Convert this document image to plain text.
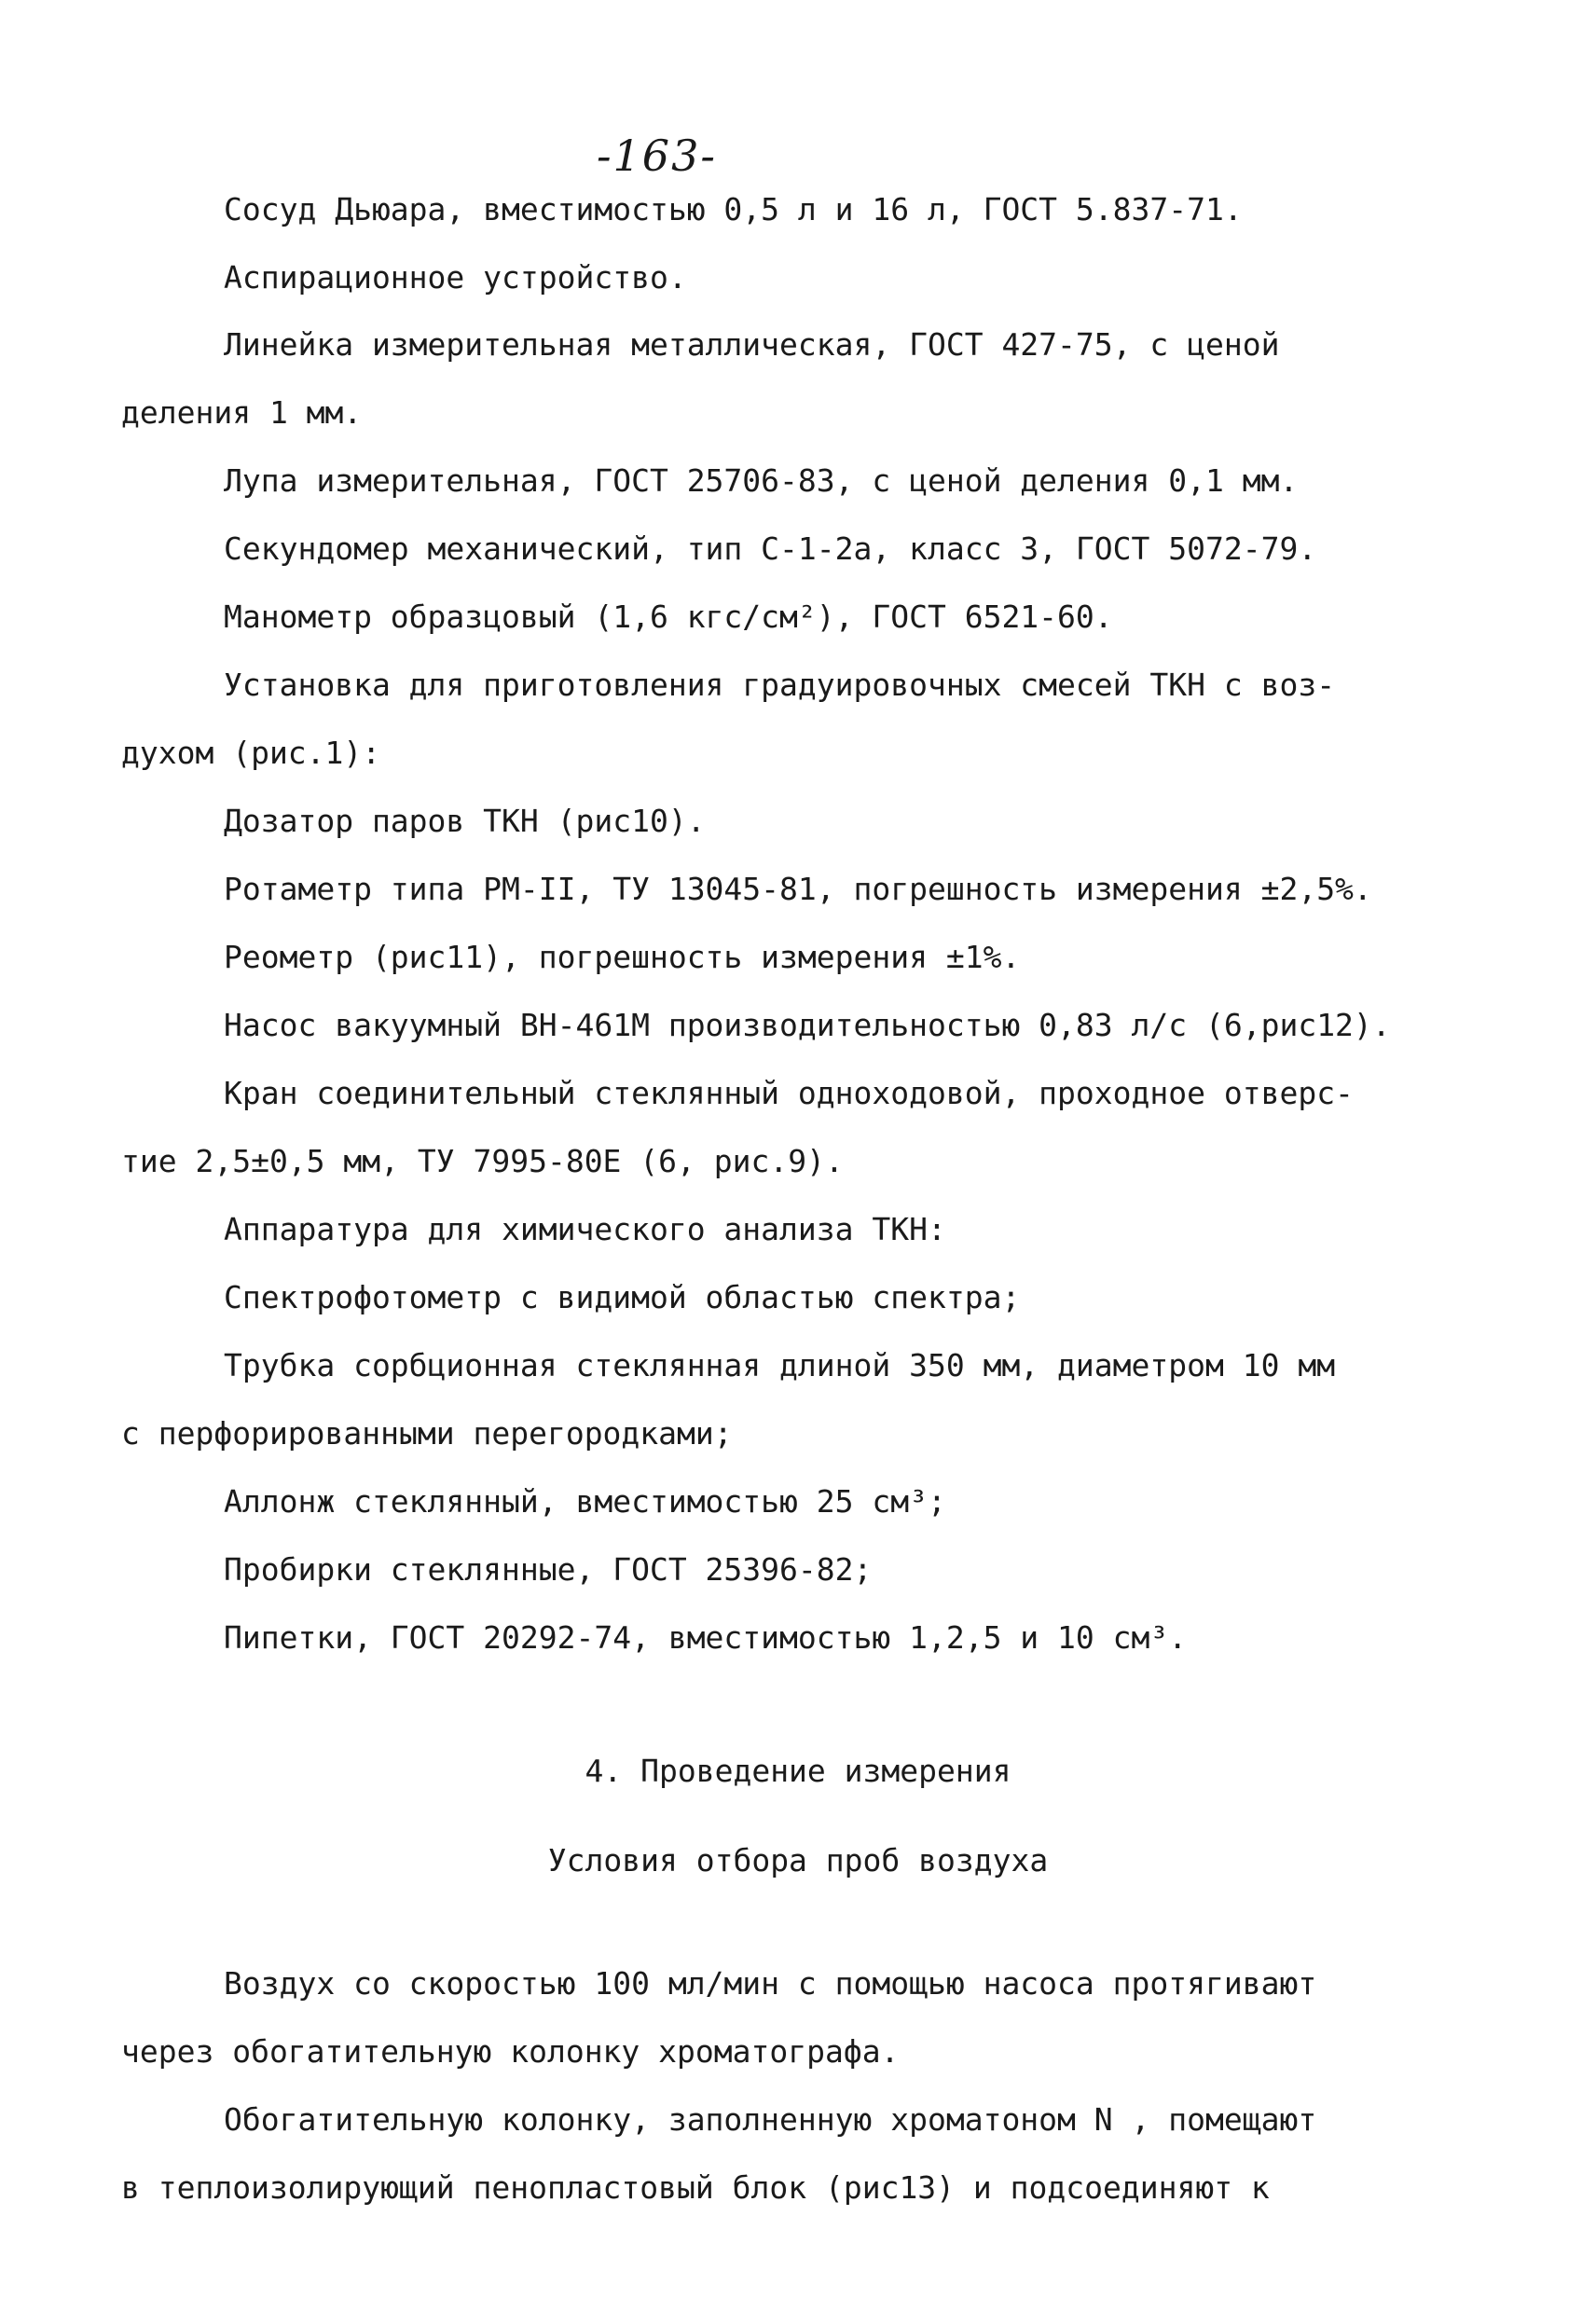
-163-
Сосуд Дьюара, вместимостью 0,5 л и 16 л, ГОСТ 5.837-71.
Аспирационное устройство.
Линейка измерительная металлическая, ГОСТ 427-75, с ценой
деления 1 мм.
Лупа измерительная, ГОСТ 25706-83, с ценой деления 0,1 мм.
Секундомер механический, тип С-1-2а, класс 3, ГОСТ 5072-79.
Манометр образцовый (1,6 кгс/см²), ГОСТ 6521-60.
Установка для приготовления градуировочных смесей ТКН с воз-
духом (рис.1):
Дозатор паров ТКН (рис10).
Ротаметр типа РМ-II, ТУ 13045-81, погрешность измерения ±2,5%.
Реометр (рис11), погрешность измерения ±1%.
Насос вакуумный ВН-461М производительностью 0,83 л/с (6,рис12).
Кран соединительный стеклянный одноходовой, проходное отверс-
тие 2,5±0,5 мм, ТУ 7995-80Е (6, рис.9).
Аппаратура для химического анализа ТКН:
Спектрофотометр с видимой областью спектра;
Трубка сорбционная стеклянная длиной 350 мм, диаметром 10 мм
с перфорированными перегородками;
Аллонж стеклянный, вместимостью 25 см³;
Пробирки стеклянные, ГОСТ 25396-82;
Пипетки, ГОСТ 20292-74, вместимостью 1,2,5 и 10 см³.
4. Проведение измерения
Условия отбора проб воздуха
Воздух со скоростью 100 мл/мин с помощью насоса протягивают
через обогатительную колонку хроматографа.
Обогатительную колонку, заполненную хроматоном N , помещают
в теплоизолирующий пенопластовый блок (рис13) и подсоединяют к
